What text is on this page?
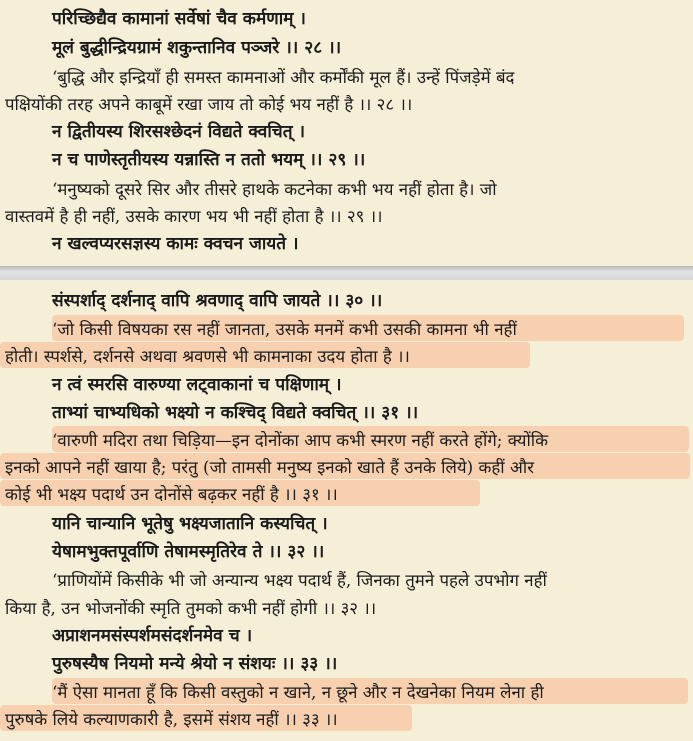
परिच्छिद्यैव कामानां सर्वेषां चैव कर्मणाम् ।
मूलं बुद्धीन्द्रियग्रामं शकुन्तानिव पञ्जरे ।। २८ ।।
‘बुद्धि और इन्द्रियाँ ही समस्त कामनाओं और कर्मोंकी मूल हैं। उन्हें पिंजड़ेमें बंद
पक्षियोंकी तरह अपने काबूमें रखा जाय तो कोई भय नहीं है ।। २८ ।।
न द्वितीयस्य शिरसश्छेदनं विद्यते क्वचित् ।
न च पाणेस्तृतीयस्य यन्नास्ति न ततो भयम् ।। २९ ।।
‘मनुष्यको दूसरे सिर और तीसरे हाथके कटनेका कभी भय नहीं होता है। जो
वास्तवमें है ही नहीं, उसके कारण भय भी नहीं होता है ।। २९ ।।
न खल्वप्यरसज्ञस्य कामः क्वचन जायते ।
संस्पर्शाद् दर्शनाद् वापि श्रवणाद् वापि जायते ।। ३० ।।
‘जो किसी विषयका रस नहीं जानता, उसके मनमें कभी उसकी कामना भी नहीं
होती। स्पर्शसे, दर्शनसे अथवा श्रवणसे भी कामनाका उदय होता है ।।
न त्वं स्मरसि वारुण्या लट्वाकानां च पक्षिणाम् ।
ताभ्यां चाभ्यधिको भक्ष्यो न कश्चिद् विद्यते क्वचित् ।। ३१ ।।
‘वारुणी मदिरा तथा चिड़िया—इन दोनोंका आप कभी स्मरण नहीं करते होंगे; क्योंकि
इनको आपने नहीं खाया है; परंतु (जो तामसी मनुष्य इनको खाते हैं उनके लिये) कहीं और
कोई भी भक्ष्य पदार्थ उन दोनोंसे बढ़कर नहीं है ।। ३१ ।।
यानि चान्यानि भूतेषु भक्ष्यजातानि कस्यचित् ।
येषामभुक्तपूर्वाणि तेषामस्मृतिरेव ते ।। ३२ ।।
‘प्राणियोंमें किसीके भी जो अन्यान्य भक्ष्य पदार्थ हैं, जिनका तुमने पहले उपभोग नहीं
किया है, उन भोजनोंकी स्मृति तुमको कभी नहीं होगी ।। ३२ ।।
अप्राशनमसंस्पर्शमसंदर्शनमेव च ।
पुरुषस्यैष नियमो मन्ये श्रेयो न संशयः ।। ३३ ।।
‘मैं ऐसा मानता हूँ कि किसी वस्तुको न खाने, न छूने और न देखनेका नियम लेना ही
पुरुषके लिये कल्याणकारी है, इसमें संशय नहीं ।। ३३ ।।
